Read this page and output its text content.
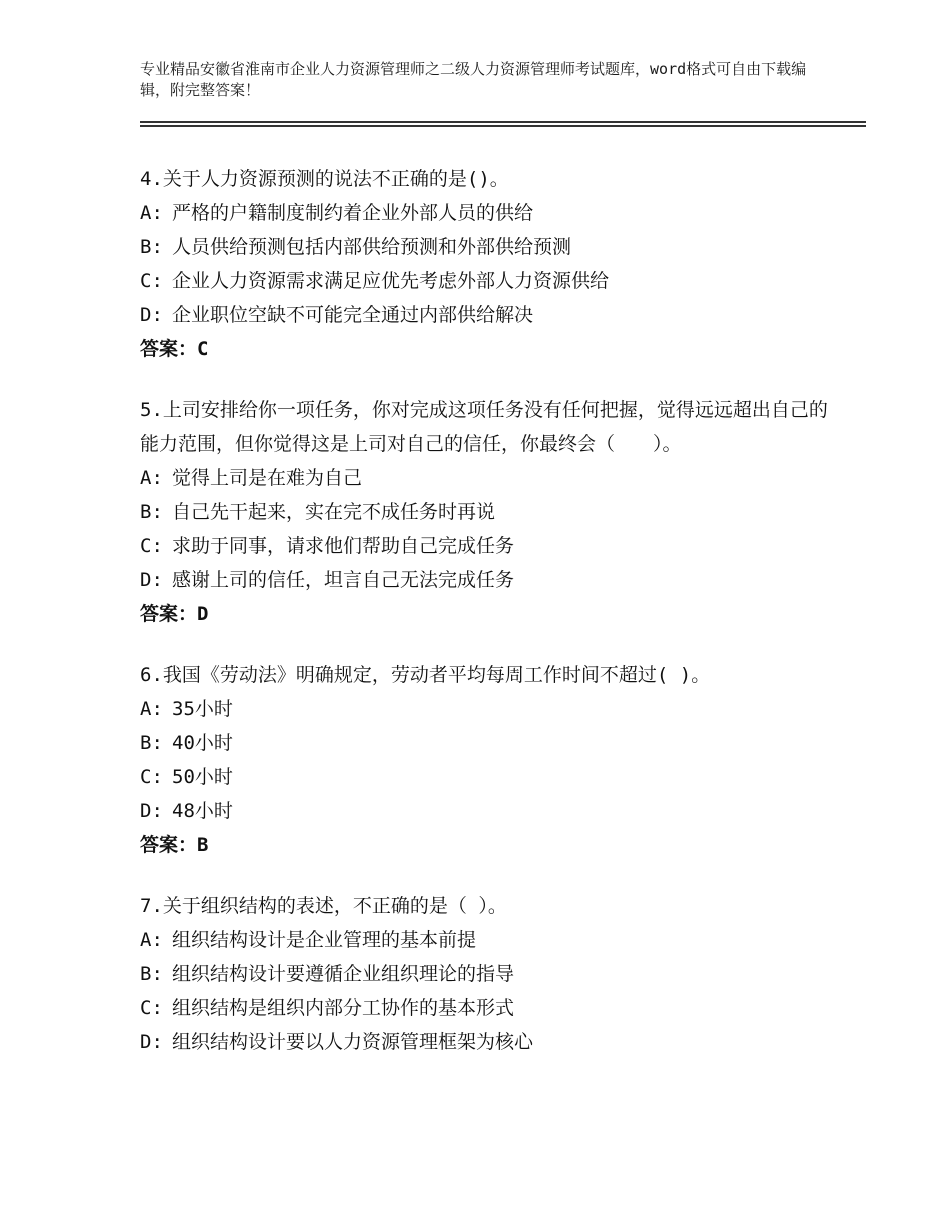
专业精品安徽省淮南市企业人力资源管理师之二级人力资源管理师考试题库，word格式可自由下载编辑，附完整答案！

4.关于人力资源预测的说法不正确的是()。

A: 严格的户籍制度制约着企业外部人员的供给

B: 人员供给预测包括内部供给预测和外部供给预测

C: 企业人力资源需求满足应优先考虑外部人力资源供给

D: 企业职位空缺不可能完全通过内部供给解决

答案：C

5.上司安排给你一项任务，你对完成这项任务没有任何把握，觉得远远超出自己的能力范围，但你觉得这是上司对自己的信任，你最终会（　　）。

A: 觉得上司是在难为自己

B: 自己先干起来，实在完不成任务时再说

C: 求助于同事，请求他们帮助自己完成任务

D: 感谢上司的信任，坦言自己无法完成任务

答案：D

6.我国《劳动法》明确规定，劳动者平均每周工作时间不超过( )。

A: 35小时

B: 40小时

C: 50小时

D: 48小时

答案：B

7.关于组织结构的表述，不正确的是（ ）。

A: 组织结构设计是企业管理的基本前提

B: 组织结构设计要遵循企业组织理论的指导

C: 组织结构是组织内部分工协作的基本形式

D: 组织结构设计要以人力资源管理框架为核心
